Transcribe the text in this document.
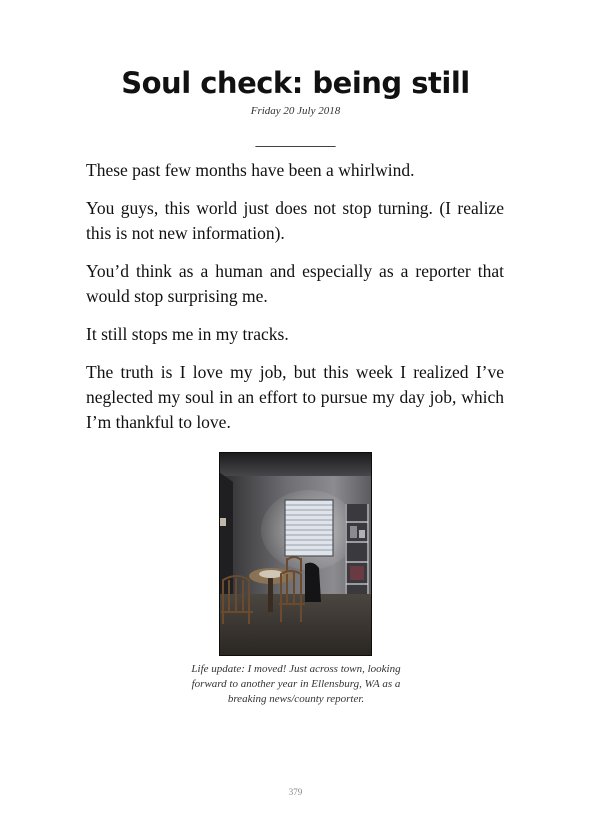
Soul check: being still
Friday 20 July 2018
__________

These past few months have been a whirlwind.

You guys, this world just does not stop turning. (I realize this is not new information).

You’d think as a human and especially as a reporter that would stop surprising me.

It still stops me in my tracks.

The truth is I love my job, but this week I realized I’ve neglected my soul in an effort to pursue my day job, which I’m thankful to love.

Life update: I moved! Just across town, looking forward to another year in Ellensburg, WA as a breaking news/county reporter.
379
